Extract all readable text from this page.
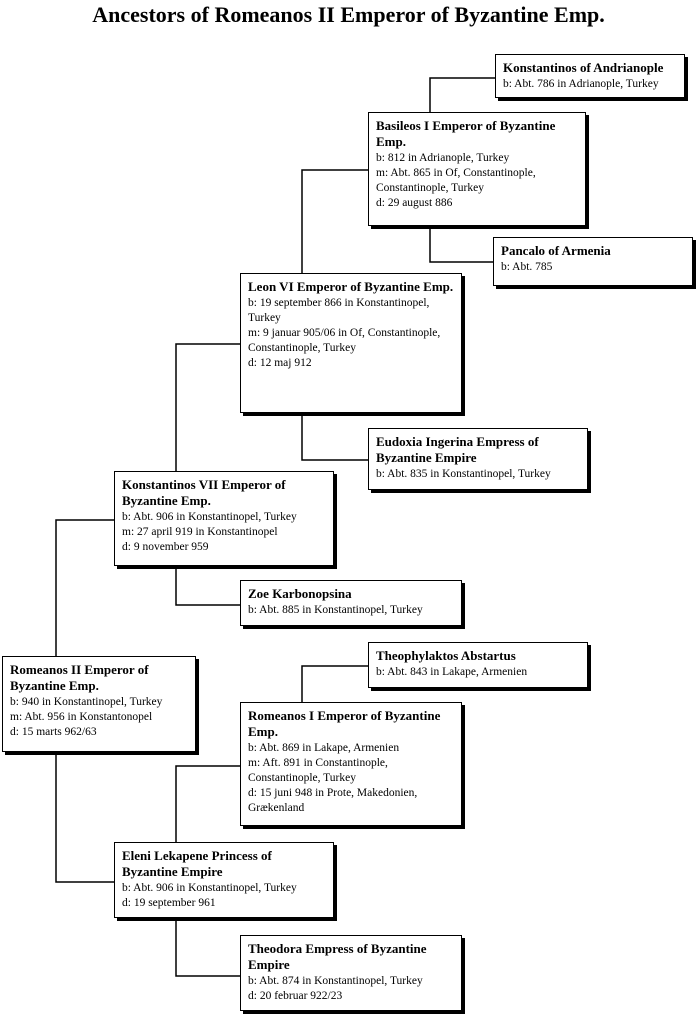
Ancestors of Romeanos II Emperor of Byzantine Emp.
Konstantinos of Andrianople
b: Abt. 786 in Adrianople, Turkey
Basileos I Emperor of Byzantine Emp.
b: 812 in Adrianople, Turkey
m: Abt. 865 in Of, Constantinople, Constantinople, Turkey
d: 29 august 886
Pancalo of Armenia
b: Abt. 785
Leon VI Emperor of Byzantine Emp.
b: 19 september 866 in Konstantinopel, Turkey
m: 9 januar 905/06 in Of, Constantinople, Constantinople, Turkey
d: 12 maj 912
Eudoxia Ingerina Empress of Byzantine Empire
b: Abt. 835 in Konstantinopel, Turkey
Konstantinos VII Emperor of Byzantine Emp.
b: Abt. 906 in Konstantinopel, Turkey
m: 27 april 919 in Konstantinopel
d: 9 november 959
Zoe Karbonopsina
b: Abt. 885 in Konstantinopel, Turkey
Theophylaktos Abstartus
b: Abt. 843 in Lakape, Armenien
Romeanos II Emperor of Byzantine Emp.
b: 940 in Konstantinopel, Turkey
m: Abt. 956 in Konstantonopel
d: 15 marts 962/63
Romeanos I Emperor of Byzantine Emp.
b: Abt. 869 in Lakape, Armenien
m: Aft. 891 in Constantinople, Constantinople, Turkey
d: 15 juni 948 in Prote, Makedonien, Grækenland
Eleni Lekapene Princess of Byzantine Empire
b: Abt. 906 in Konstantinopel, Turkey
d: 19 september 961
Theodora Empress of Byzantine Empire
b: Abt. 874 in Konstantinopel, Turkey
d: 20 februar 922/23
